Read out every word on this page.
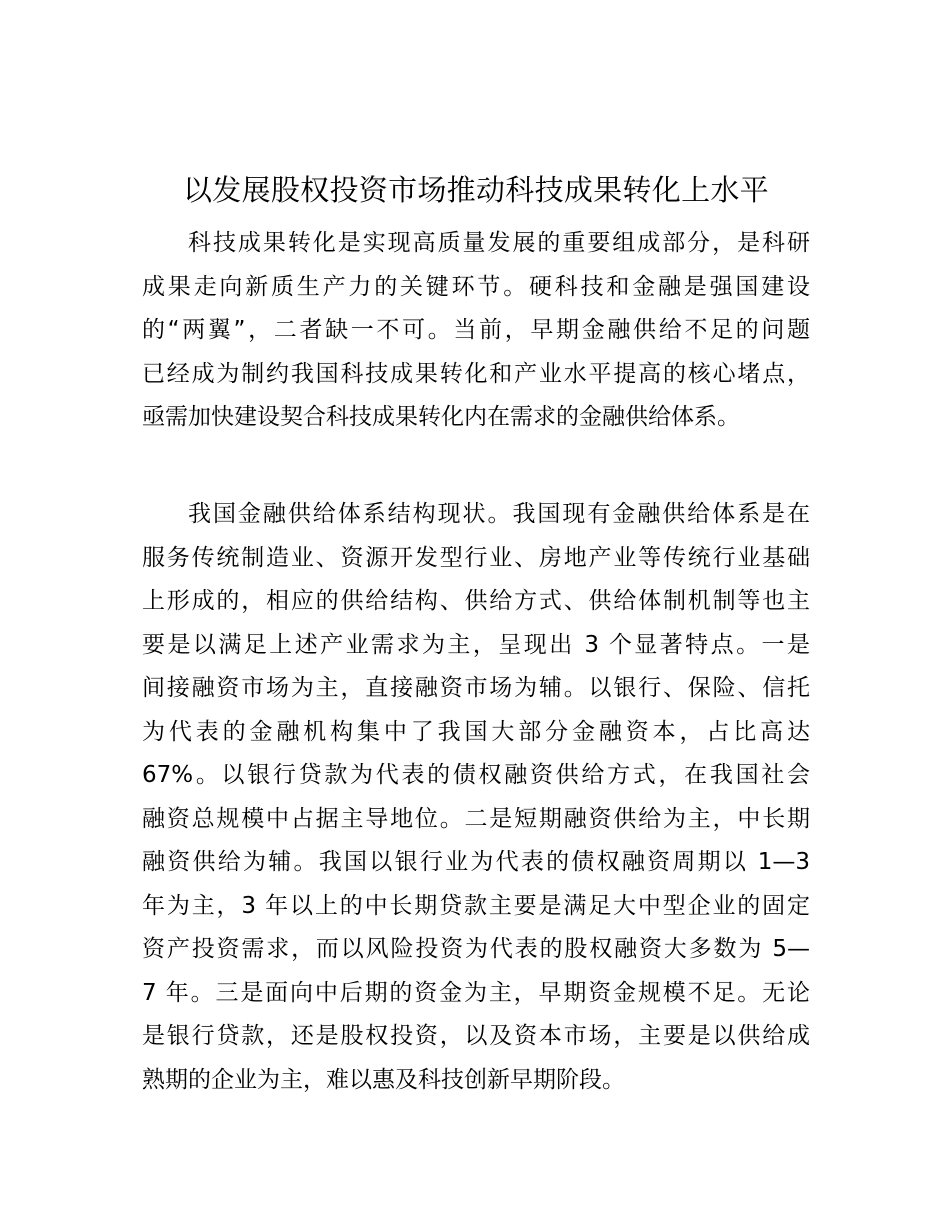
以发展股权投资市场推动科技成果转化上水平
科技成果转化是实现高质量发展的重要组成部分，是科研
成果走向新质生产力的关键环节。硬科技和金融是强国建设
的“两翼”，二者缺一不可。当前，早期金融供给不足的问题
已经成为制约我国科技成果转化和产业水平提高的核心堵点，
亟需加快建设契合科技成果转化内在需求的金融供给体系。
我国金融供给体系结构现状。我国现有金融供给体系是在
服务传统制造业、资源开发型行业、房地产业等传统行业基础
上形成的，相应的供给结构、供给方式、供给体制机制等也主
要是以满足上述产业需求为主，呈现出 3 个显著特点。一是
间接融资市场为主，直接融资市场为辅。以银行、保险、信托
为代表的金融机构集中了我国大部分金融资本，占比高达
67%。以银行贷款为代表的债权融资供给方式，在我国社会
融资总规模中占据主导地位。二是短期融资供给为主，中长期
融资供给为辅。我国以银行业为代表的债权融资周期以 1—3
年为主，3 年以上的中长期贷款主要是满足大中型企业的固定
资产投资需求，而以风险投资为代表的股权融资大多数为 5—
7 年。三是面向中后期的资金为主，早期资金规模不足。无论
是银行贷款，还是股权投资，以及资本市场，主要是以供给成
熟期的企业为主，难以惠及科技创新早期阶段。
